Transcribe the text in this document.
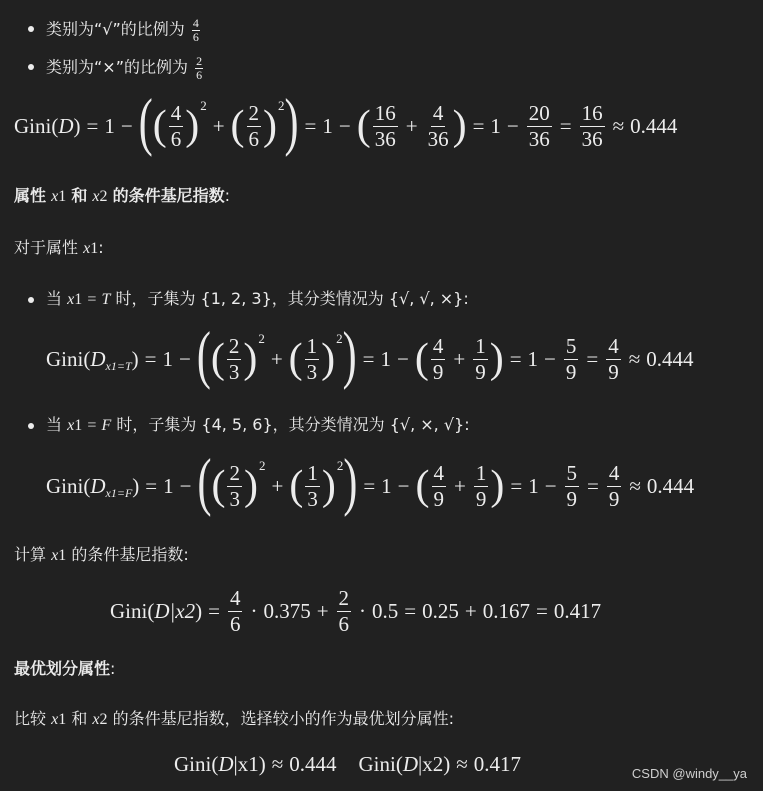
类别为“√”的比例为 $\frac{4}{6}$
类别为“×”的比例为 $\frac{2}{6}$
Gini ( D ) = 1 − ( ( $\frac{4}{6}$ ) 2
+ ( $\frac{2}{6}$ ) 2 ) = 1 − ( $\frac{16}{36} + \frac{4}{36}$ ) = $1 - \frac{20}{36} = \frac{16}{36} \approx 0.444$
属性 x1 和 x2 的条件基尼指数:
对于属性 x1:
当 x1 = T 时，子集为 {1, 2, 3}，其分类情况为 {√, √, ×}:
Gini ( D x1=T ) = 1 − ( ( $\frac{2}{3}$ ) 2
+ ( $\frac{1}{3}$ ) 2 ) = 1 − ( $\frac{4}{9} + \frac{1}{9}$ ) = $1 - \frac{5}{9} = \frac{4}{9} \approx 0.444$
当 x1 = F 时，子集为 {4, 5, 6}，其分类情况为 {√, ×, √}:
Gini ( D x1=F ) = 1 − ( ( $\frac{2}{3}$ ) 2
+ ( $\frac{1}{3}$ ) 2 ) = 1 − ( $\frac{4}{9} + \frac{1}{9}$ ) = $1 - \frac{5}{9} = \frac{4}{9} \approx 0.444$
计算 x1 的条件基尼指数:
Gini ( D|x2 ) = $\frac{4}{6} \cdot 0.375 + \frac{2}{6} \cdot 0.5 = 0.25 + 0.167 = 0.417$
最优划分属性:
比较 x1 和 x2 的条件基尼指数，选择较小的作为最优划分属性:
Gini( D |x1) ≈ 0.444 Gini( D |x2) ≈ 0.417	CSDN @windy__ya
